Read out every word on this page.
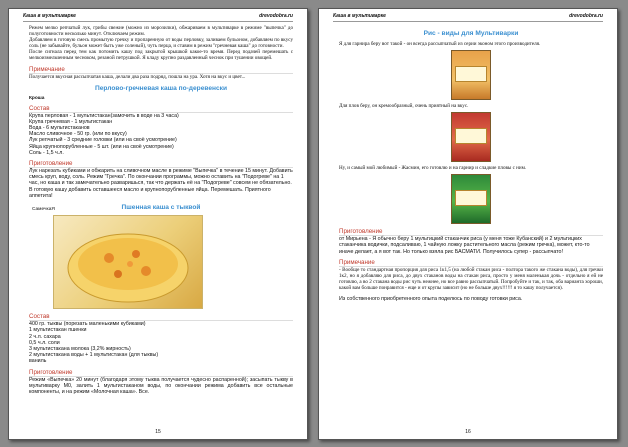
Каша в мультиварке	drevodobra.ru

Режем мелко репчатый лук, грибы свежие (можно из морозилки), обжариваем в мультиварке в режиме "выпечка" до полуготовности несколько минут. Отключаем режим.

Добавляем в готовую смесь промытую гречку и пропаренную от воды перловку, заливаем бульоном, добавляем по вкусу соль (не забывайте, бульон может быть уже соленый), чуть перца, и ставим в режим "гречневая каша" до готовности.

После сигнала перед тем как потомить кашу под закрытой крышкой какое-то время. Перед подачей перемешать с мелкоизмельченным чесноком, резаной петрушкой. Я кладу крупно раздавленный чеснок при тушении овощей.

Примечание

Получается вкусная рассыпчатая каша, делали два раза подряд, пошла на ура. Хотя на вкус и цвет...

Перлово-гречневая каша по-деревенски
Кроша
Состав
Крупа перловая - 1 мультистакан(замочить в воде на 3 часа)
Крупа гречневая - 1 мультистакан
Вода - 6 мультистаканов
Масло сливочное - 50 гр. (или по вкусу)
Лук репчатый - 3 средние головки (или на своё усмотрение)
Яйца крупнопорубленные - 5 шт. (или на своё усмотрение)
Соль - 1,5 ч.л.
Приготовление

Лук нарезать кубиками и обжарить на сливочном масле в режиме "Выпечка" в течение 15 минут. Добавить смесь круп, воду, соль. Режим "Гречка". По окончании программы, можно оставить на "Подогреве" на 1 час, но каша и так замечательно разваришься, так что держать её на "Подогреве" совсем не обязательно. В готовую кашу добавить оставшееся масло и крупнопорубленные яйца. Перемешать. Приятного аппетита!

Пшенная каша с тыквой
СамечкаЯ
Состав
400 гр. тыквы (порезать маленькими кубиками)
1 мультистакан пшенки
2 ч.л. сахара
0,5 ч.л. соли
3 мультистакана молока (3,2% жирность)
2 мультистакана воды + 1 мультистакан (для тыквы)
ваниль
Приготовление

Режим «Выпечка» 20 минут (благодаря этому тыква получается чудесно распаренной); засыпать тыкву в мультиварку М0, залить 1 мультистаканом воды, по окончании режима добавить все остальные компоненты, и на режим «Молочная каша». Все.

15
Каша в мультиварке	drevodobra.ru
Рис - виды для Мультиварки

Я для гарнира беру вот такой - он всегда рассыпчатый из серии эконом этого производителя.

Для плов беру, он кремообразный, очень приятный на вкус.

Ну, и самый мой любимый - Жасмин, его готовлю и на гарнир и сладкие пловы с ним.

Приготовление

от Мирьена - Я обычно беру 1 мультицкий стаканчик риса (у меня тоже Кубанский) и 2 мультицких стаканчика водички, подсаливаю, 1 чайную ложку растительного масла (режим гречка), может, кто-то иначе делает, а я вот так. Но только взяла рис БАСМАТИ. Получилось супер - рассыпчато!

Примечание

- Вообще то стандартная пропорция для риса 1к1,5 (на любой стакан риса - полтора такого же стакана воды), для гречки 1к2, но я добавляю для риса, до двух стаканов воды на стакан риса, просто у меня маленькая дочь - отдельно я ей не готовлю, а во 2 стакана воды рис чуть нежнее, но все равно рассыпчатый. Попробуйте и так, и так, оба варианта хороши, какой вам больше понравится - еще и от крупы зависит (но не больше двух!!!!!! я то кашу получается).

Из собственного приобретенного опыта поделюсь по поводу готовки риса.

16
